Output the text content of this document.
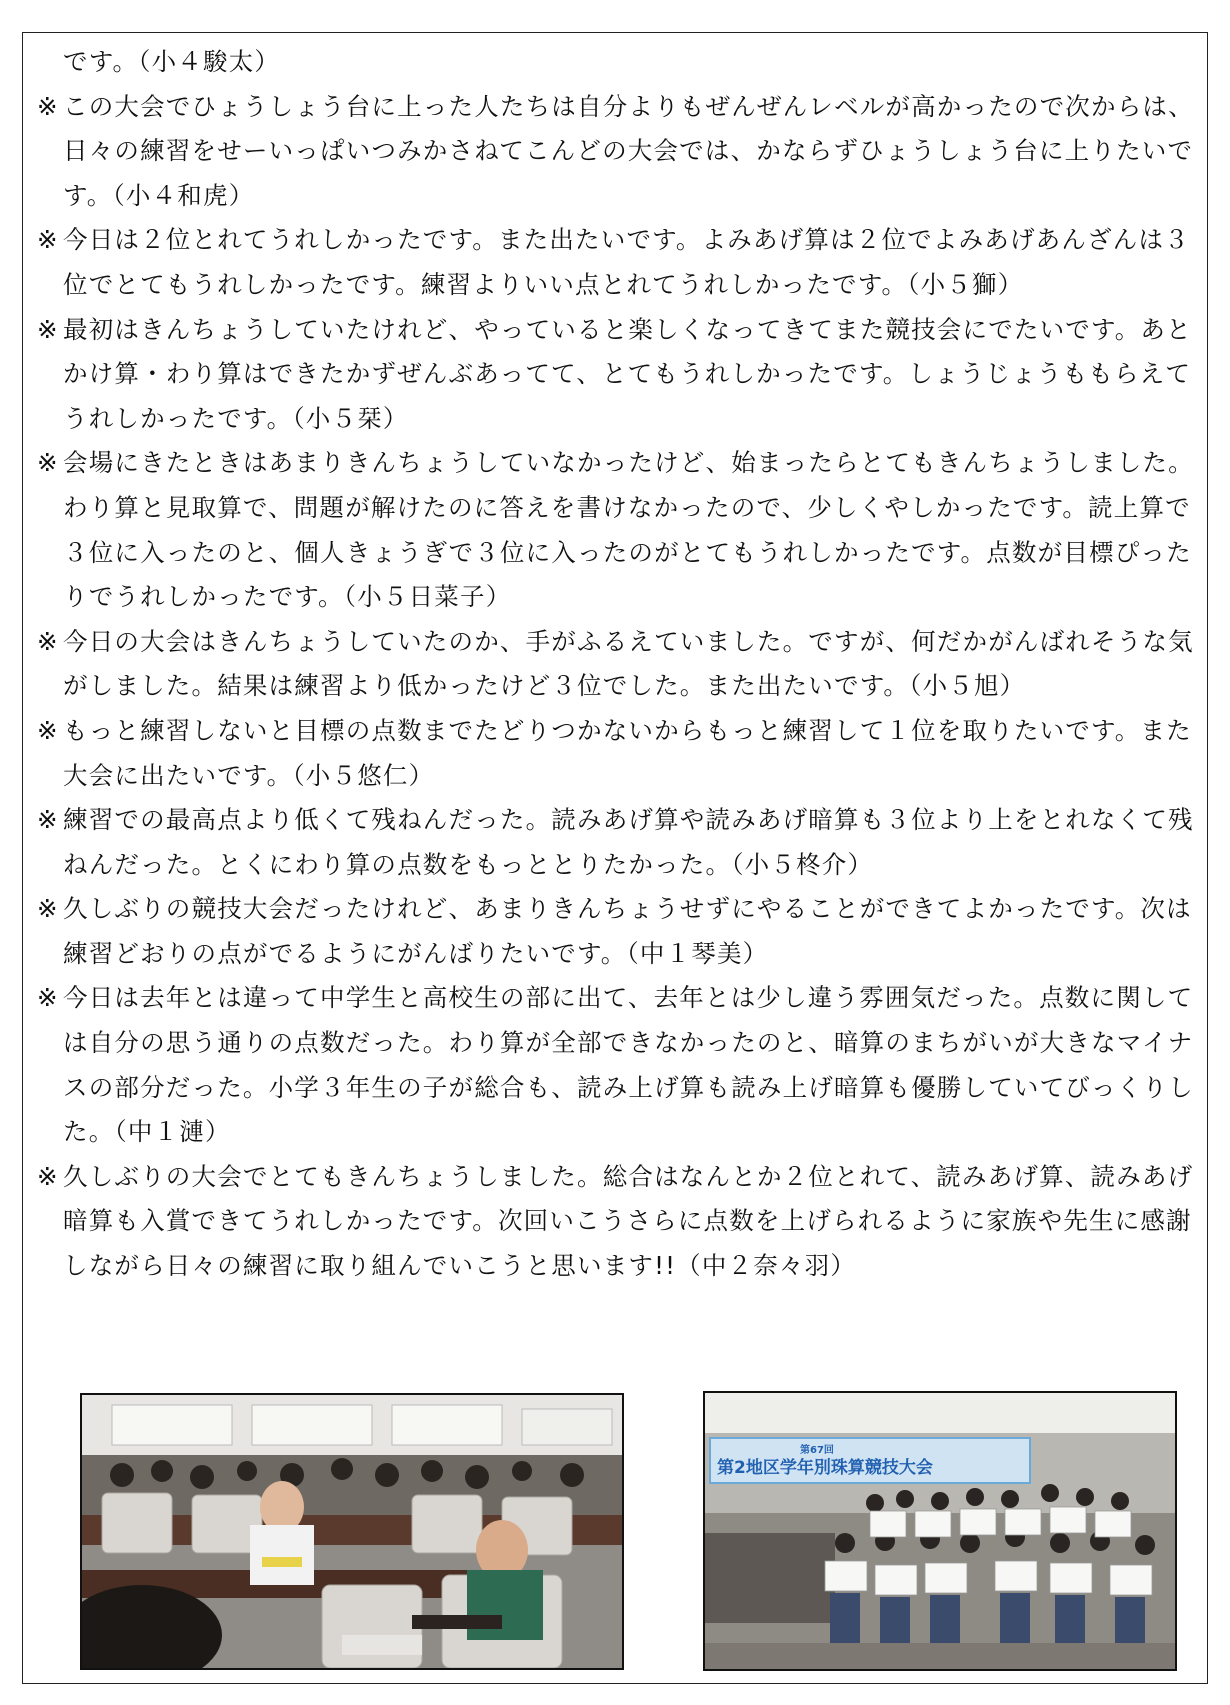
です。（小４駿太）
※ この大会でひょうしょう台に上った人たちは自分よりもぜんぜんレベルが高かったので次からは、日々の練習をせーいっぱいつみかさねてこんどの大会では、かならずひょうしょう台に上りたいです。（小４和虎）
※ 今日は２位とれてうれしかったです。また出たいです。よみあげ算は２位でよみあげあんざんは３位でとてもうれしかったです。練習よりいい点とれてうれしかったです。（小５獅）
※ 最初はきんちょうしていたけれど、やっていると楽しくなってきてまた競技会にでたいです。あとかけ算・わり算はできたかずぜんぶあってて、とてもうれしかったです。しょうじょうももらえてうれしかったです。（小５栞）
※ 会場にきたときはあまりきんちょうしていなかったけど、始まったらとてもきんちょうしました。わり算と見取算で、問題が解けたのに答えを書けなかったので、少しくやしかったです。読上算で３位に入ったのと、個人きょうぎで３位に入ったのがとてもうれしかったです。点数が目標ぴったりでうれしかったです。（小５日菜子）
※ 今日の大会はきんちょうしていたのか、手がふるえていました。ですが、何だかがんばれそうな気がしました。結果は練習より低かったけど３位でした。また出たいです。（小５旭）
※ もっと練習しないと目標の点数までたどりつかないからもっと練習して１位を取りたいです。また大会に出たいです。（小５悠仁）
※ 練習での最高点より低くて残ねんだった。読みあげ算や読みあげ暗算も３位より上をとれなくて残ねんだった。とくにわり算の点数をもっととりたかった。（小５柊介）
※ 久しぶりの競技大会だったけれど、あまりきんちょうせずにやることができてよかったです。次は練習どおりの点がでるようにがんばりたいです。（中１琴美）
※ 今日は去年とは違って中学生と高校生の部に出て、去年とは少し違う雰囲気だった。点数に関しては自分の思う通りの点数だった。わり算が全部できなかったのと、暗算のまちがいが大きなマイナスの部分だった。小学３年生の子が総合も、読み上げ算も読み上げ暗算も優勝していてびっくりした。（中１漣）
※ 久しぶりの大会でとてもきんちょうしました。総合はなんとか２位とれて、読みあげ算、読みあげ暗算も入賞できてうれしかったです。次回いこうさらに点数を上げられるように家族や先生に感謝しながら日々の練習に取り組んでいこうと思います!!（中２奈々羽）
第67回
第2地区学年別珠算競技大会
